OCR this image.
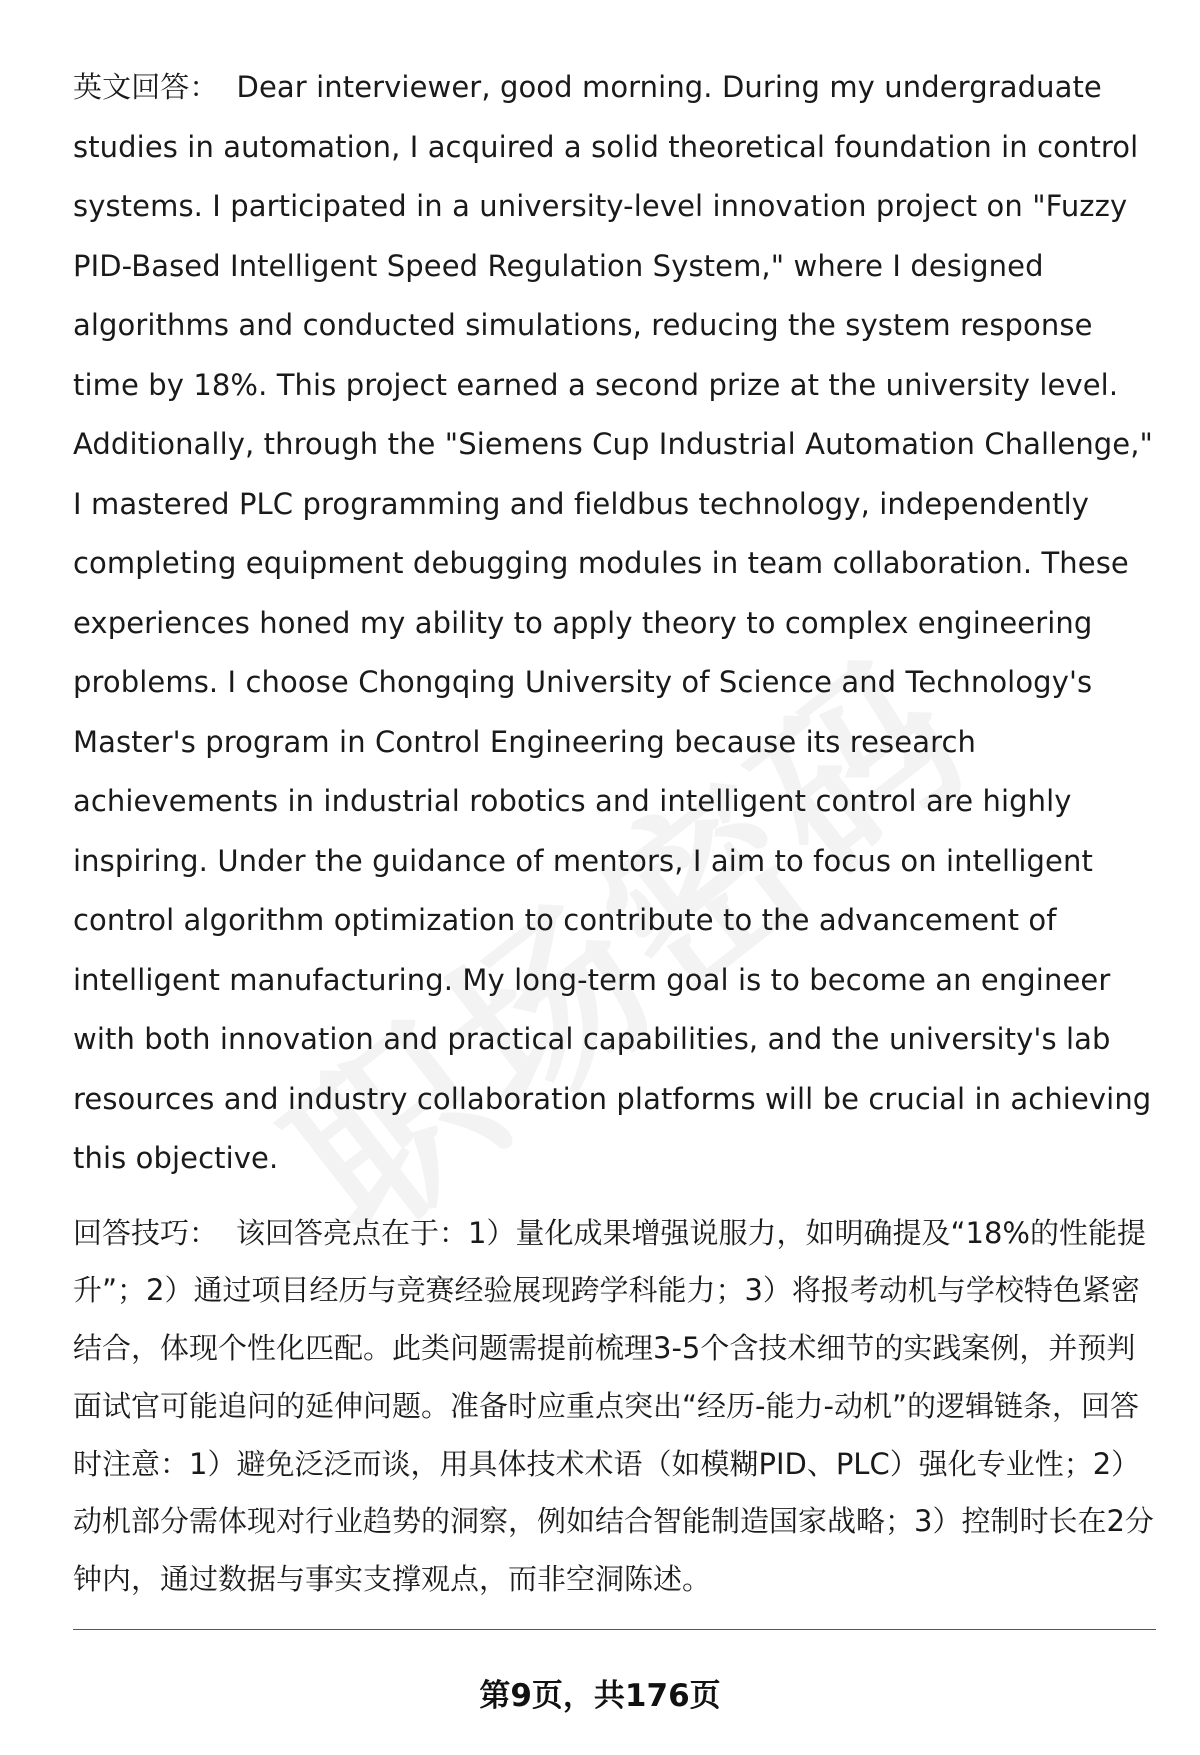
英文回答： Dear interviewer, good morning. During my undergraduate studies in automation, I acquired a solid theoretical foundation in control systems. I participated in a university-level innovation project on "Fuzzy PID-Based Intelligent Speed Regulation System," where I designed algorithms and conducted simulations, reducing the system response time by 18%. This project earned a second prize at the university level. Additionally, through the "Siemens Cup Industrial Automation Challenge," I mastered PLC programming and fieldbus technology, independently completing equipment debugging modules in team collaboration. These experiences honed my ability to apply theory to complex engineering problems. I choose Chongqing University of Science and Technology's Master's program in Control Engineering because its research achievements in industrial robotics and intelligent control are highly inspiring. Under the guidance of mentors, I aim to focus on intelligent control algorithm optimization to contribute to the advancement of intelligent manufacturing. My long-term goal is to become an engineer with both innovation and practical capabilities, and the university's lab resources and industry collaboration platforms will be crucial in achieving this objective.

回答技巧： 该回答亮点在于：1）量化成果增强说服力，如明确提及“18%的性能提升”；2）通过项目经历与竞赛经验展现跨学科能力；3）将报考动机与学校特色紧密结合，体现个性化匹配。此类问题需提前梳理3-5个含技术细节的实践案例，并预判面试官可能追问的延伸问题。准备时应重点突出“经历-能力-动机”的逻辑链条，回答时注意：1）避免泛泛而谈，用具体技术术语（如模糊PID、PLC）强化专业性；2）动机部分需体现对行业趋势的洞察，例如结合智能制造国家战略；3）控制时长在2分钟内，通过数据与事实支撑观点，而非空洞陈述。

第9页，共176页
